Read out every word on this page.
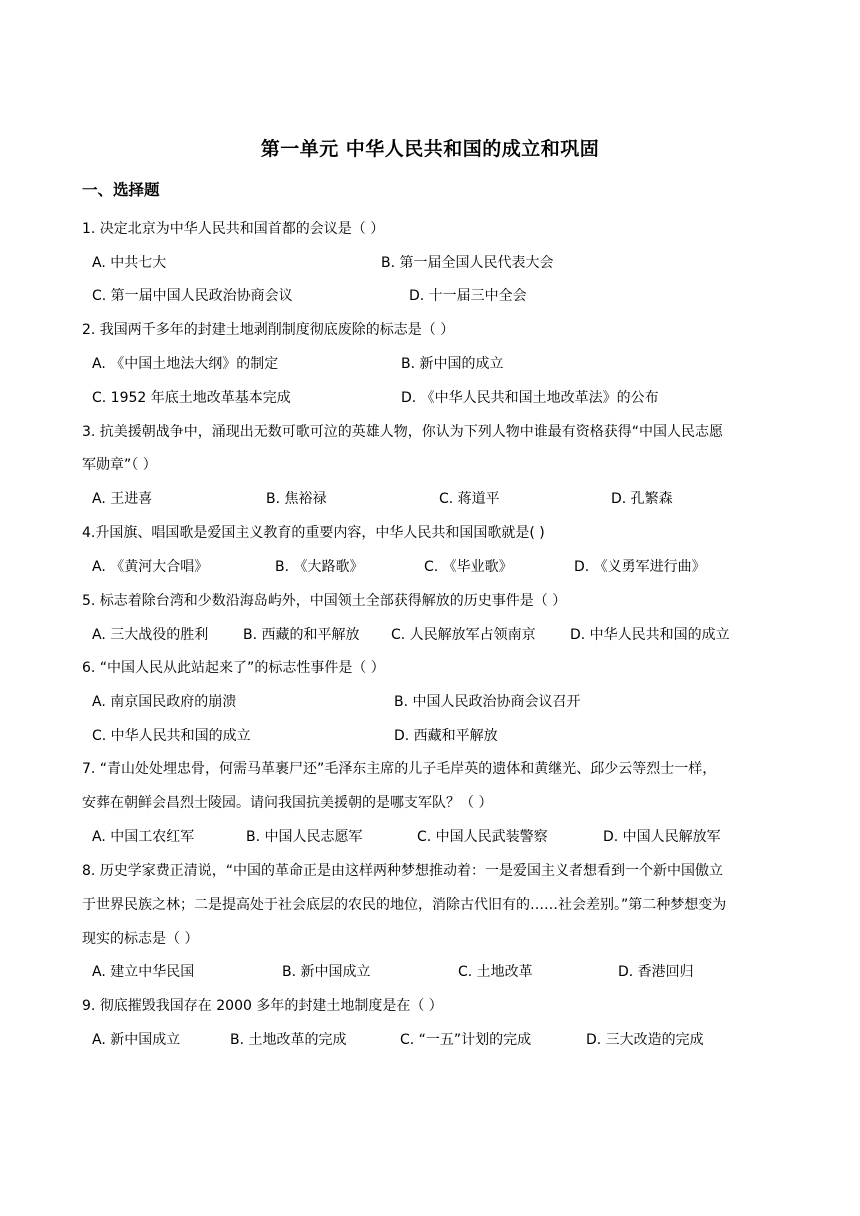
第一单元 中华人民共和国的成立和巩固
一、选择题
1. 决定北京为中华人民共和国首都的会议是（ ）
A. 中共七大	B. 第一届全国人民代表大会
C. 第一届中国人民政治协商会议	D. 十一届三中全会
2. 我国两千多年的封建土地剥削制度彻底废除的标志是（ ）
A. 《中国土地法大纲》的制定	B. 新中国的成立
C. 1952 年底土地改革基本完成	D. 《中华人民共和国土地改革法》的公布
3. 抗美援朝战争中，涌现出无数可歌可泣的英雄人物，你认为下列人物中谁最有资格获得“中国人民志愿
军勋章”（ ）
A. 王进喜	B. 焦裕禄	C. 蒋道平	D. 孔繁森
4.升国旗、唱国歌是爱国主义教育的重要内容，中华人民共和国国歌就是( )
A. 《黄河大合唱》	B. 《大路歌》	C. 《毕业歌》	D. 《义勇军进行曲》
5. 标志着除台湾和少数沿海岛屿外，中国领土全部获得解放的历史事件是（ ）
A. 三大战役的胜利 B. 西藏的和平解放 C. 人民解放军占领南京 D. 中华人民共和国的成立
6. “中国人民从此站起来了”的标志性事件是（ ）
A. 南京国民政府的崩溃	B. 中国人民政治协商会议召开
C. 中华人民共和国的成立	D. 西藏和平解放
7. “青山处处埋忠骨，何需马革裹尸还”毛泽东主席的儿子毛岸英的遗体和黄继光、邱少云等烈士一样，
安葬在朝鲜会昌烈士陵园。请问我国抗美援朝的是哪支军队？（ ）
A. 中国工农红军	B. 中国人民志愿军	C. 中国人民武装警察	D. 中国人民解放军
8. 历史学家费正清说，“中国的革命正是由这样两种梦想推动着：一是爱国主义者想看到一个新中国傲立
于世界民族之林；二是提高处于社会底层的农民的地位，消除古代旧有的……社会差别。”第二种梦想变为
现实的标志是（ ）
A. 建立中华民国	B. 新中国成立	C. 土地改革	D. 香港回归
9. 彻底摧毁我国存在 2000 多年的封建土地制度是在（ ）
A. 新中国成立	B. 土地改革的完成	C. “一五”计划的完成	D. 三大改造的完成
